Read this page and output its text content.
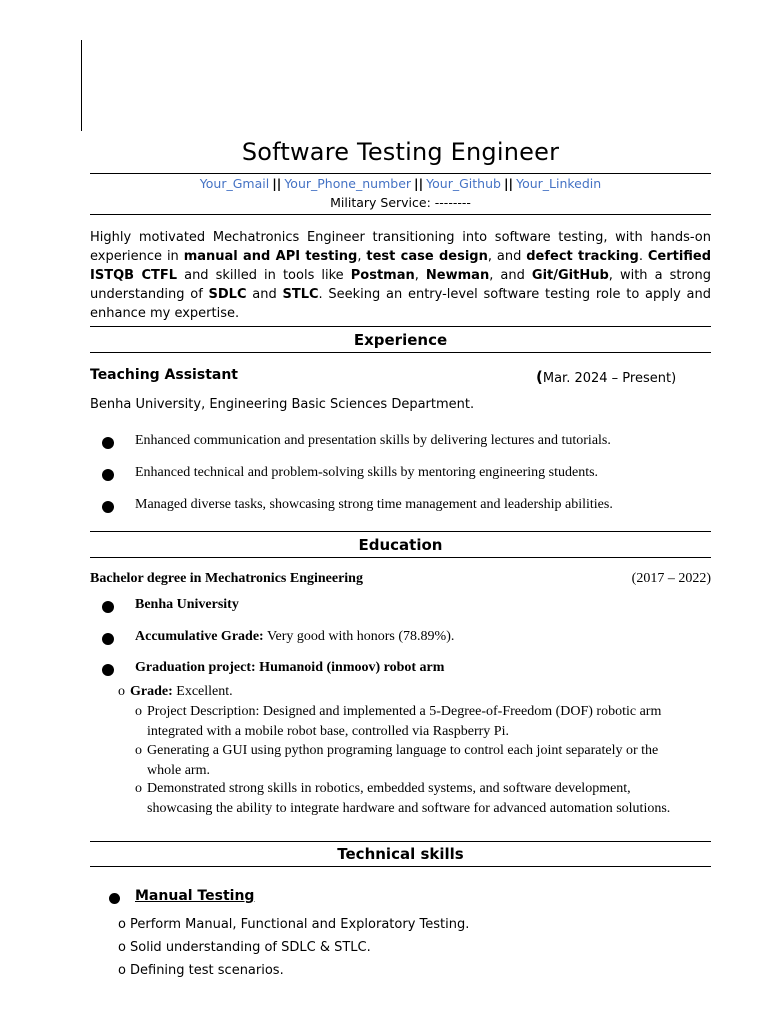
Software Testing Engineer
Your_Gmail || Your_Phone_number || Your_Github || Your_Linkedin
Military Service: --------
Highly motivated Mechatronics Engineer transitioning into software testing, with hands-on experience in manual and API testing, test case design, and defect tracking. Certified ISTQB CTFL and skilled in tools like Postman, Newman, and Git/GitHub, with a strong understanding of SDLC and STLC. Seeking an entry-level software testing role to apply and enhance my expertise.
Experience
Teaching Assistant	(Mar. 2024 – Present)
Benha University, Engineering Basic Sciences Department.
Enhanced communication and presentation skills by delivering lectures and tutorials.
Enhanced technical and problem-solving skills by mentoring engineering students.
Managed diverse tasks, showcasing strong time management and leadership abilities.
Education
Bachelor degree in Mechatronics Engineering	(2017 – 2022)
Benha University
Accumulative Grade: Very good with honors (78.89%).
Graduation project: Humanoid (inmoov) robot arm
o Grade: Excellent.
o Project Description: Designed and implemented a 5-Degree-of-Freedom (DOF) robotic arm
integrated with a mobile robot base, controlled via Raspberry Pi.
o Generating a GUI using python programing language to control each joint separately or the
whole arm.
o Demonstrated strong skills in robotics, embedded systems, and software development,
showcasing the ability to integrate hardware and software for advanced automation solutions.
Technical skills
Manual Testing
o Perform Manual, Functional and Exploratory Testing.
o Solid understanding of SDLC & STLC.
o Defining test scenarios.
